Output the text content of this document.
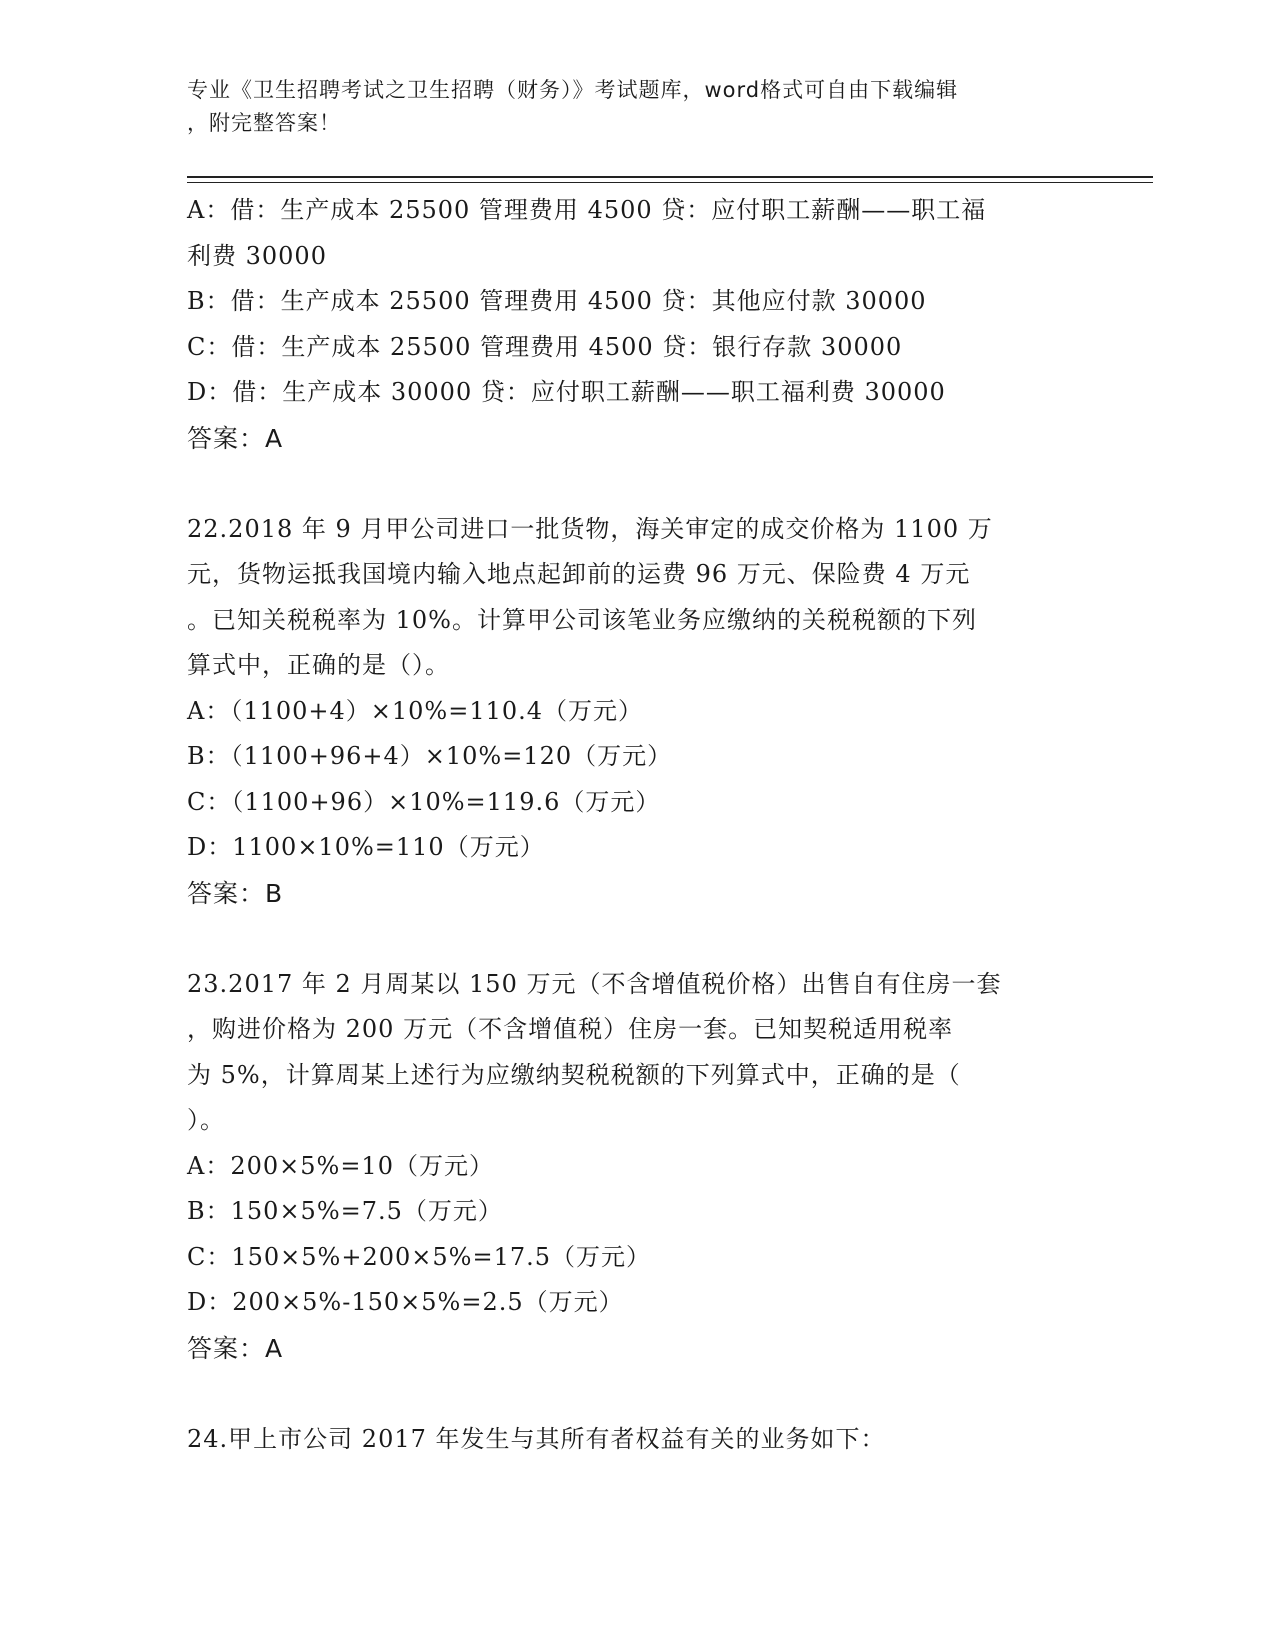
专业《卫生招聘考试之卫生招聘（财务）》考试题库，word格式可自由下载编辑
，附完整答案！
A：借：生产成本 25500 管理费用 4500 贷：应付职工薪酬——职工福
利费 30000
B：借：生产成本 25500 管理费用 4500 贷：其他应付款 30000
C：借：生产成本 25500 管理费用 4500 贷：银行存款 30000
D：借：生产成本 30000 贷：应付职工薪酬——职工福利费 30000
答案：A
22.2018 年 9 月甲公司进口一批货物，海关审定的成交价格为 1100 万
元，货物运抵我国境内输入地点起卸前的运费 96 万元、保险费 4 万元
。已知关税税率为 10%。计算甲公司该笔业务应缴纳的关税税额的下列
算式中，正确的是（）。
A：（1100+4）×10%=110.4（万元）
B：（1100+96+4）×10%=120（万元）
C：（1100+96）×10%=119.6（万元）
D：1100×10%=110（万元）
答案：B
23.2017 年 2 月周某以 150 万元（不含增值税价格）出售自有住房一套
，购进价格为 200 万元（不含增值税）住房一套。已知契税适用税率
为 5%，计算周某上述行为应缴纳契税税额的下列算式中，正确的是（
）。
A：200×5%=10（万元）
B：150×5%=7.5（万元）
C：150×5%+200×5%=17.5（万元）
D：200×5%-150×5%=2.5（万元）
答案：A
24.甲上市公司 2017 年发生与其所有者权益有关的业务如下：
